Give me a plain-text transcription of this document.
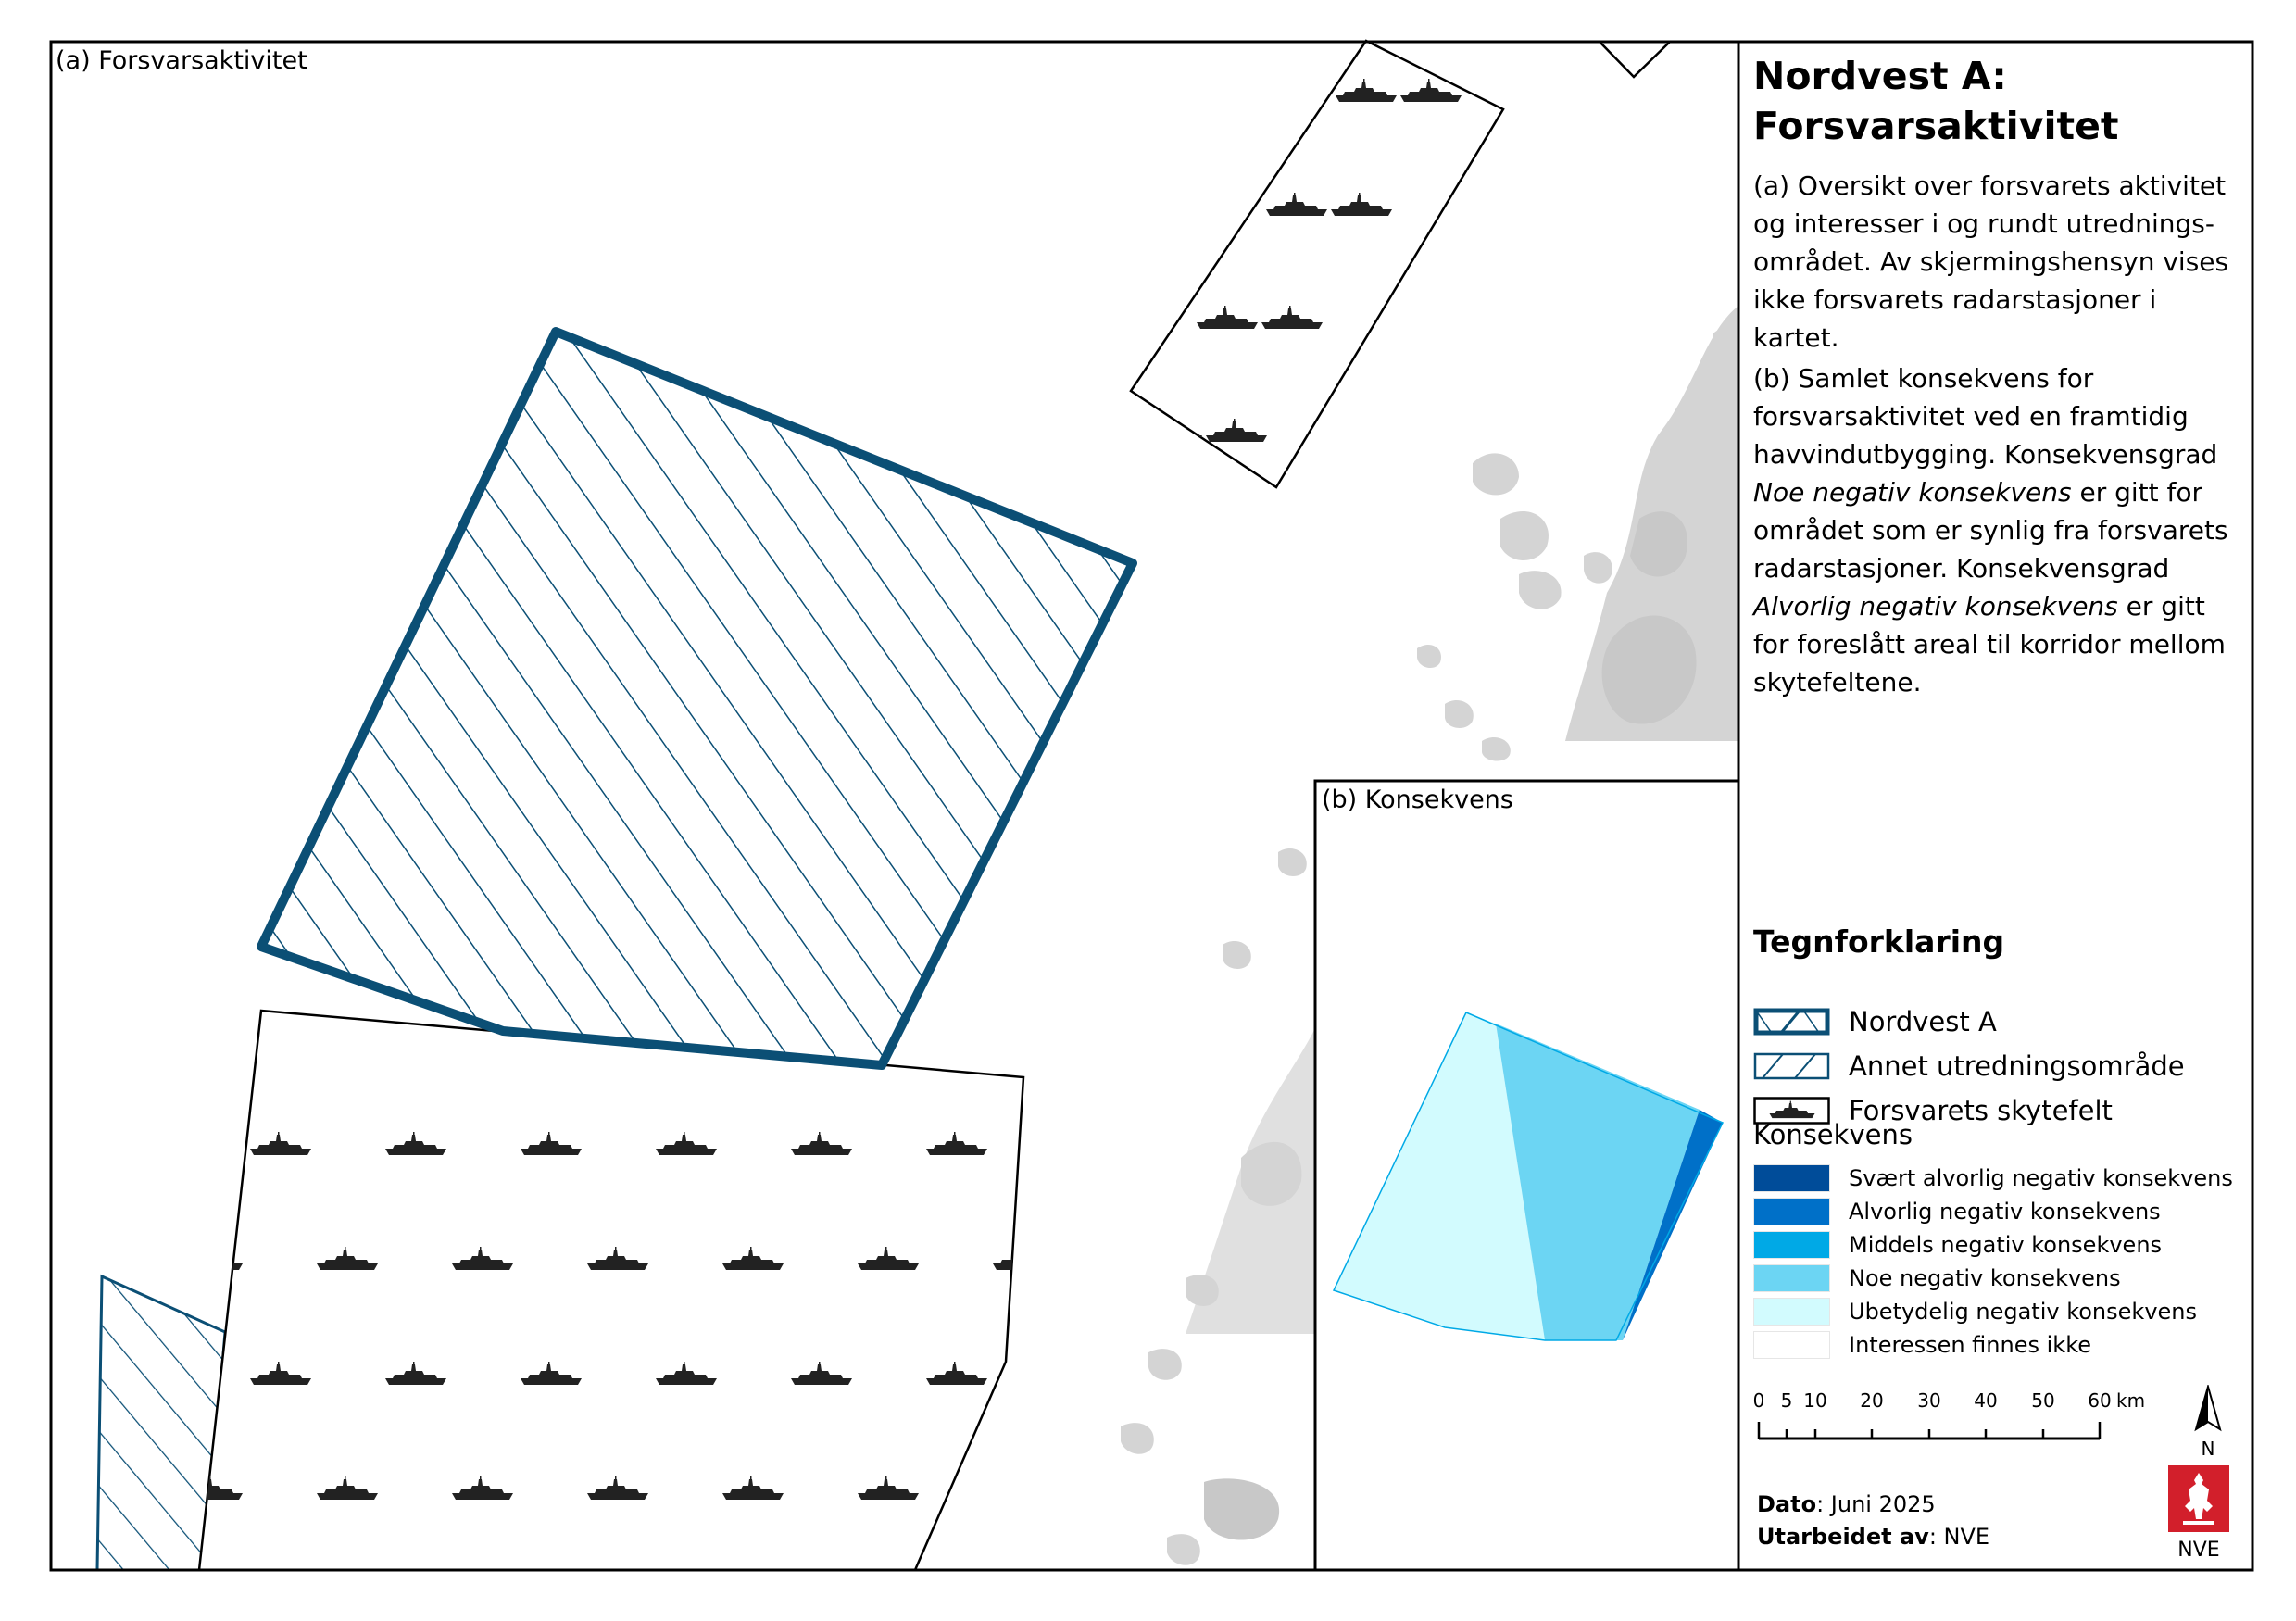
(a) Forsvarsaktivitet
(b) Konsekvens
Nordvest A:
Forsvarsaktivitet
(a) Oversikt over forsvarets aktivitet og interesser i og rundt utrednings-området. Av skjermingshensyn vises ikke forsvarets radarstasjoner i kartet.
(b) Samlet konsekvens for forsvarsaktivitet ved en framtidig havvindutbygging. Konsekvensgrad Noe negativ konsekvens er gitt for området som er synlig fra forsvarets radarstasjoner. Konsekvensgrad Alvorlig negativ konsekvens er gitt for foreslått areal til korridor mellom skytefeltene.
Tegnforklaring
Nordvest A
Annet utredningsområde
Forsvarets skytefelt
Konsekvens
Svært alvorlig negativ konsekvens
Alvorlig negativ konsekvens
Middels negativ konsekvens
Noe negativ konsekvens
Ubetydelig negativ konsekvens
Interessen finnes ikke
0 5 10 20 30 40 50 60 km
N
Dato: Juni 2025
Utarbeidet av: NVE
NVE
